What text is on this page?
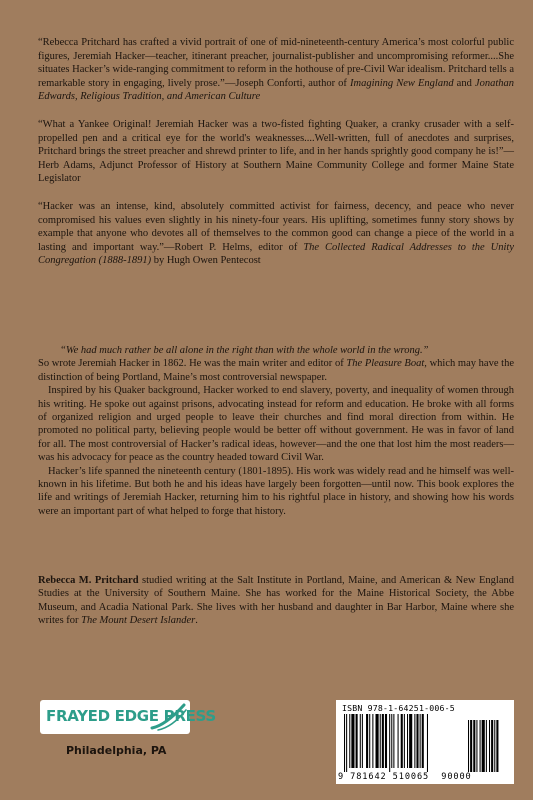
“Rebecca Pritchard has crafted a vivid portrait of one of mid-nineteenth-century America’s most colorful public figures, Jeremiah Hacker—teacher, itinerant preacher, journalist-publisher and uncompromising reformer....She situates Hacker’s wide-ranging commitment to reform in the hothouse of pre-Civil War idealism. Pritchard tells a remarkable story in engaging, lively prose.”—Joseph Conforti, author of Imagining New England and Jonathan Edwards, Religious Tradition, and American Culture

“What a Yankee Original! Jeremiah Hacker was a two-fisted fighting Quaker, a cranky crusader with a self-propelled pen and a critical eye for the world's weaknesses....Well-written, full of anecdotes and surprises, Pritchard brings the street preacher and shrewd printer to life, and in her hands sprightly good company he is!”—Herb Adams, Adjunct Professor of History at Southern Maine Community College and former Maine State Legislator

“Hacker was an intense, kind, absolutely committed activist for fairness, decency, and peace who never compromised his values even slightly in his ninety-four years. His uplifting, sometimes funny story shows by example that anyone who devotes all of themselves to the common good can change a piece of the world in a lasting and important way.”—Robert P. Helms, editor of The Collected Radical Addresses to the Unity Congregation (1888-1891) by Hugh Owen Pentecost

“We had much rather be all alone in the right than with the whole world in the wrong.”

So wrote Jeremiah Hacker in 1862. He was the main writer and editor of The Pleasure Boat, which may have the distinction of being Portland, Maine’s most controversial newspaper.

Inspired by his Quaker background, Hacker worked to end slavery, poverty, and inequality of women through his writing. He spoke out against prisons, advocating instead for reform and education. He broke with all forms of organized religion and urged people to leave their churches and find moral direction from within. He promoted no political party, believing people would be better off without government. He was in favor of land for all. The most controversial of Hacker’s radical ideas, however—and the one that lost him the most readers—was his advocacy for peace as the country headed toward Civil War.

Hacker’s life spanned the nineteenth century (1801-1895). His work was widely read and he himself was well-known in his lifetime. But both he and his ideas have largely been forgotten—until now. This book explores the life and writings of Jeremiah Hacker, returning him to his rightful place in history, and showing how his words were an important part of what helped to forge that history.

Rebecca M. Pritchard studied writing at the Salt Institute in Portland, Maine, and American & New England Studies at the University of Southern Maine. She has worked for the Maine Historical Society, the Abbe Museum, and Acadia National Park. She lives with her husband and daughter in Bar Harbor, Maine where she writes for The Mount Desert Islander.

FRAYED EDGE PRESS
Philadelphia, PA
ISBN 978-1-64251-006-5
9 781642 510065 90000
